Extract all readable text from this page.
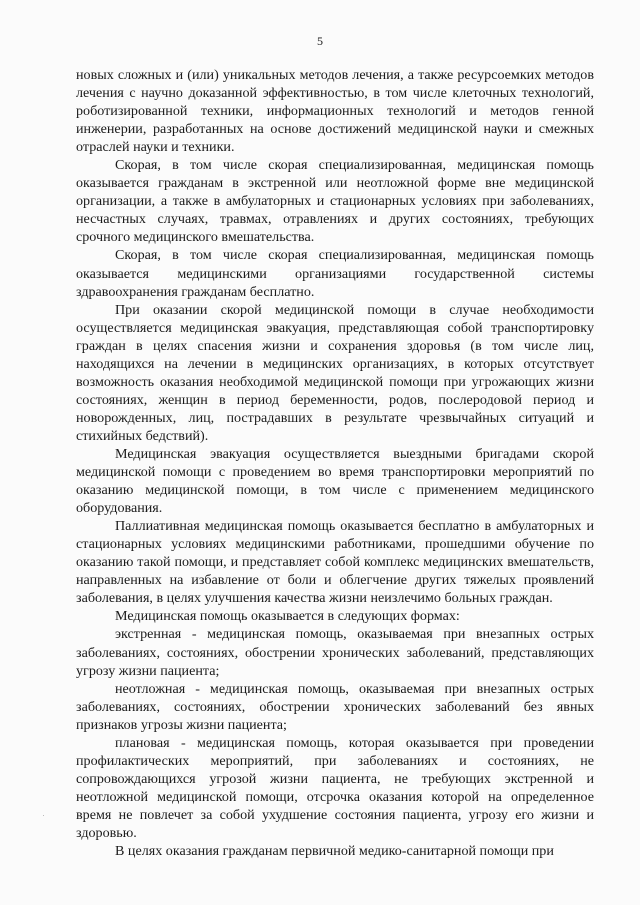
5

новых сложных и (или) уникальных методов лечения, а также ресурсоемких методов лечения с научно доказанной эффективностью, в том числе клеточных технологий, роботизированной техники, информационных технологий и методов генной инженерии, разработанных на основе достижений медицинской науки и смежных отраслей науки и техники.

Скорая, в том числе скорая специализированная, медицинская помощь оказывается гражданам в экстренной или неотложной форме вне медицинской организации, а также в амбулаторных и стационарных условиях при заболеваниях, несчастных случаях, травмах, отравлениях и других состояниях, требующих срочного медицинского вмешательства.

Скорая, в том числе скорая специализированная, медицинская помощь оказывается медицинскими организациями государственной системы здравоохранения гражданам бесплатно.

При оказании скорой медицинской помощи в случае необходимости осуществляется медицинская эвакуация, представляющая собой транспортировку граждан в целях спасения жизни и сохранения здоровья (в том числе лиц, находящихся на лечении в медицинских организациях, в которых отсутствует возможность оказания необходимой медицинской помощи при угрожающих жизни состояниях, женщин в период беременности, родов, послеродовой период и новорожденных, лиц, пострадавших в результате чрезвычайных ситуаций и стихийных бедствий).

Медицинская эвакуация осуществляется выездными бригадами скорой медицинской помощи с проведением во время транспортировки мероприятий по оказанию медицинской помощи, в том числе с применением медицинского оборудования.

Паллиативная медицинская помощь оказывается бесплатно в амбулаторных и стационарных условиях медицинскими работниками, прошедшими обучение по оказанию такой помощи, и представляет собой комплекс медицинских вмешательств, направленных на избавление от боли и облегчение других тяжелых проявлений заболевания, в целях улучшения качества жизни неизлечимо больных граждан.

Медицинская помощь оказывается в следующих формах:

экстренная - медицинская помощь, оказываемая при внезапных острых заболеваниях, состояниях, обострении хронических заболеваний, представляющих угрозу жизни пациента;

неотложная - медицинская помощь, оказываемая при внезапных острых заболеваниях, состояниях, обострении хронических заболеваний без явных признаков угрозы жизни пациента;

плановая - медицинская помощь, которая оказывается при проведении профилактических мероприятий, при заболеваниях и состояниях, не сопровождающихся угрозой жизни пациента, не требующих экстренной и неотложной медицинской помощи, отсрочка оказания которой на определенное время не повлечет за собой ухудшение состояния пациента, угрозу его жизни и здоровью.

В целях оказания гражданам первичной медико-санитарной помощи при
